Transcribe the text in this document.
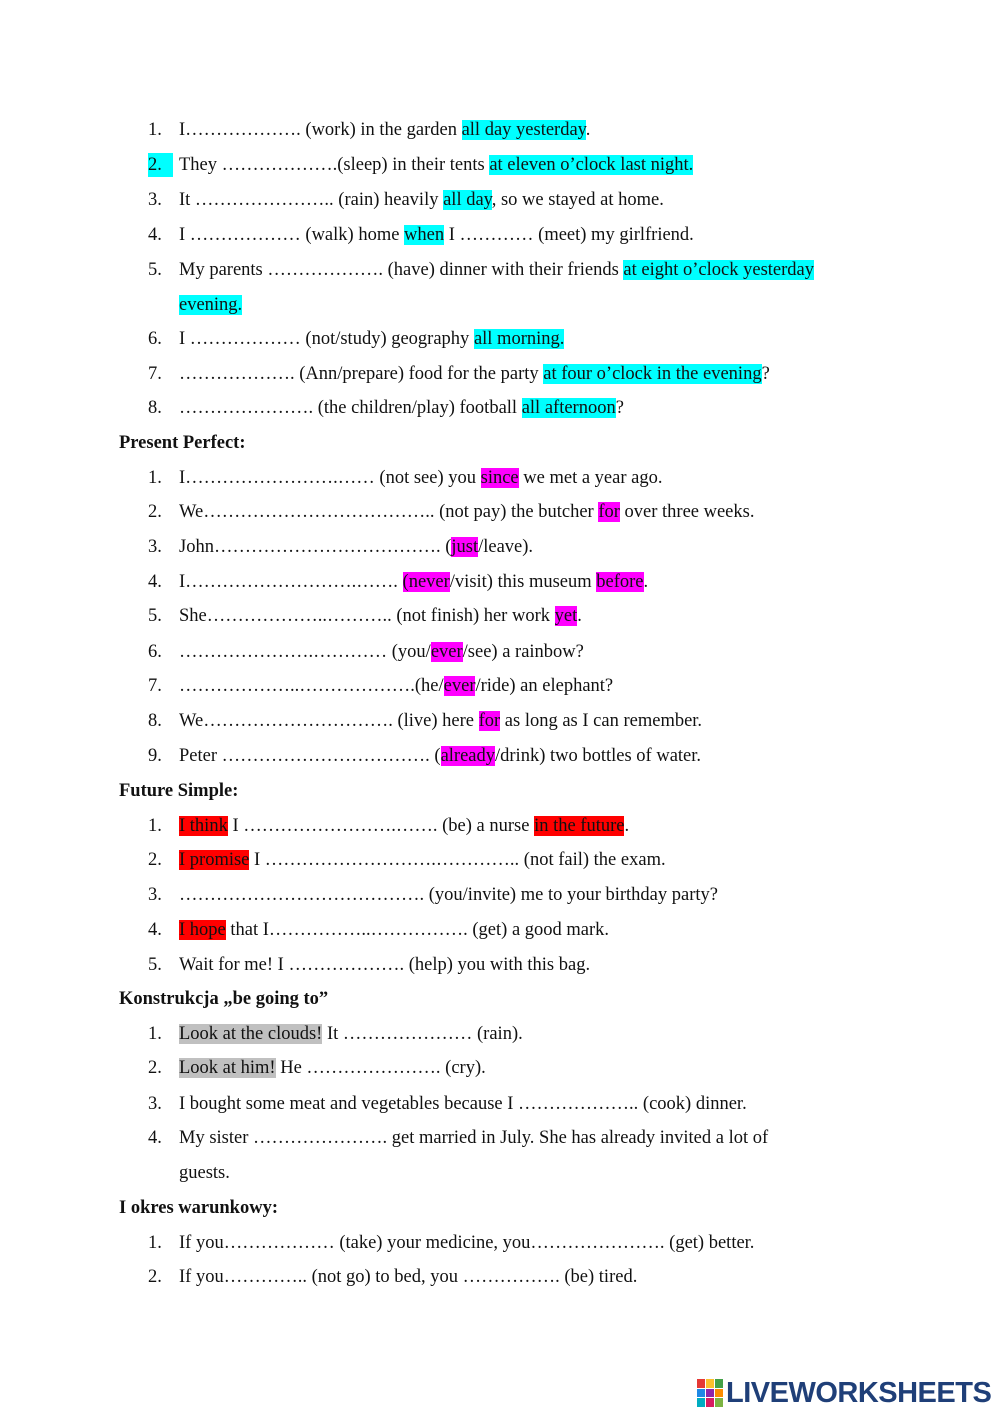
1. I………………. (work) in the garden all day yesterday.
2. They ……………….(sleep) in their tents at eleven o’clock last night.
3. It ………………….. (rain) heavily all day, so we stayed at home.
4. I ……………… (walk) home when I ………… (meet) my girlfriend.
5. My parents ………………. (have) dinner with their friends at eight o’clock yesterday
evening.
6. I ……………… (not/study) geography all morning.
7. ………………. (Ann/prepare) food for the party at four o’clock in the evening?
8. …………………. (the children/play) football all afternoon?
Present Perfect:
1. I…………………….…… (not see) you since we met a year ago.
2. We……………………………….. (not pay) the butcher for over three weeks.
3. John………………………………. (just/leave).
4. I……………………….……. (never/visit) this museum before.
5. She………………..……….. (not finish) her work yet.
6. ………………….………… (you/ever/see) a rainbow?
7. ………………..……………….(he/ever/ride) an elephant?
8. We…………………………. (live) here for as long as I can remember.
9. Peter ……………………………. (already/drink) two bottles of water.
Future Simple:
1. I think I …………………….……. (be) a nurse in the future.
2. I promise I ……………………….………….. (not fail) the exam.
3. …………………………………. (you/invite) me to your birthday party?
4. I hope that I……………..……………. (get) a good mark.
5. Wait for me! I ………………. (help) you with this bag.
Konstrukcja „be going to”
1. Look at the clouds! It ………………… (rain).
2. Look at him! He …………………. (cry).
3. I bought some meat and vegetables because I ……………….. (cook) dinner.
4. My sister …………………. get married in July. She has already invited a lot of
guests.
I okres warunkowy:
1. If you……………… (take) your medicine, you…………………. (get) better.
2. If you………….. (not go) to bed, you ……………. (be) tired.
LIVEWORKSHEETS
